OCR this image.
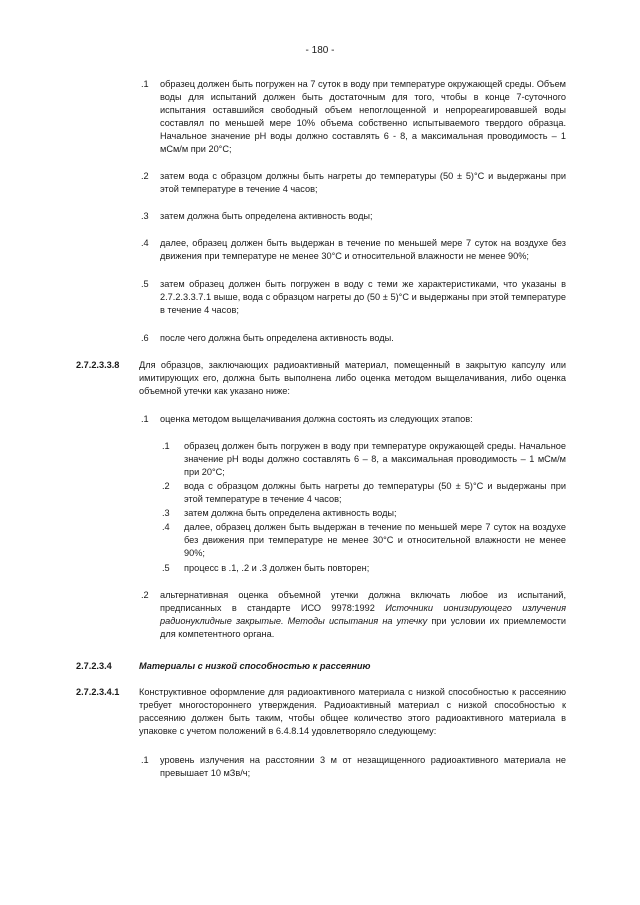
- 180 -
.1 образец должен быть погружен на 7 суток в воду при температуре окружающей среды. Объем воды для испытаний должен быть достаточным для того, чтобы в конце 7-суточного испытания оставшийся свободный объем непоглощенной и непрореагировавшей воды составлял по меньшей мере 10% объема собственно испытываемого твердого образца. Начальное значение pH воды должно составлять 6 - 8, а максимальная проводимость – 1 мСм/м при 20°С;
.2 затем вода с образцом должны быть нагреты до температуры (50 ± 5)°С и выдержаны при этой температуре в течение 4 часов;
.3 затем должна быть определена активность воды;
.4 далее, образец должен быть выдержан в течение по меньшей мере 7 суток на воздухе без движения при температуре не менее 30°С и относительной влажности не менее 90%;
.5 затем образец должен быть погружен в воду с теми же характеристиками, что указаны в 2.7.2.3.3.7.1 выше, вода с образцом нагреты до (50 ± 5)°С и выдержаны при этой температуре в течение 4 часов;
.6 после чего должна быть определена активность воды.
2.7.2.3.3.8 Для образцов, заключающих радиоактивный материал, помещенный в закрытую капсулу или имитирующих его, должна быть выполнена либо оценка методом выщелачивания, либо оценка объемной утечки как указано ниже:
.1 оценка методом выщелачивания должна состоять из следующих этапов:
.1 образец должен быть погружен в воду при температуре окружающей среды. Начальное значение pH воды должно составлять 6 – 8, а максимальная проводимость – 1 мСм/м при 20°С;
.2 вода с образцом должны быть нагреты до температуры (50 ± 5)°С и выдержаны при этой температуре в течение 4 часов;
.3 затем должна быть определена активность воды;
.4 далее, образец должен быть выдержан в течение по меньшей мере 7 суток на воздухе без движения при температуре не менее 30°С и относительной влажности не менее 90%;
.5 процесс в .1, .2 и .3 должен быть повторен;
.2 альтернативная оценка объемной утечки должна включать любое из испытаний, предписанных в стандарте ИСО 9978:1992 Источники ионизирующего излучения радионуклидные закрытые. Методы испытания на утечку при условии их приемлемости для компетентного органа.
2.7.2.3.4	Материалы с низкой способностью к рассеянию
2.7.2.3.4.1 Конструктивное оформление для радиоактивного материала с низкой способностью к рассеянию требует многостороннего утверждения. Радиоактивный материал с низкой способностью к рассеянию должен быть таким, чтобы общее количество этого радиоактивного материала в упаковке с учетом положений в 6.4.8.14 удовлетворяло следующему:
.1 уровень излучения на расстоянии 3 м от незащищенного радиоактивного материала не превышает 10 мЗв/ч;
